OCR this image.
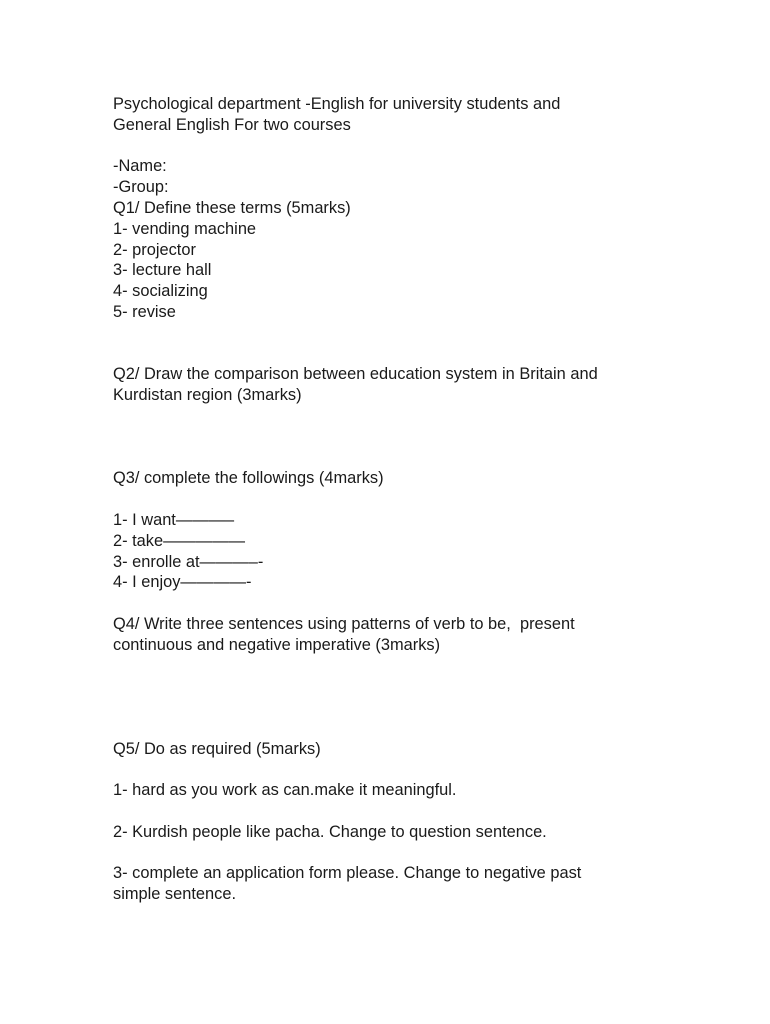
Psychological department -English for university students and
General English For two courses
-Name:
-Group:
Q1/ Define these terms (5marks)
1- vending machine
2- projector
3- lecture hall
4- socializing
5- revise
Q2/ Draw the comparison between education system in Britain and
Kurdistan region (3marks)
Q3/ complete the followings (4marks)
1- I want———–
2- take—————
3- enrolle at———–-
4- I enjoy————-
Q4/ Write three sentences using patterns of verb to be,  present
continuous and negative imperative (3marks)
Q5/ Do as required (5marks)
1- hard as you work as can.make it meaningful.
2- Kurdish people like pacha. Change to question sentence.
3- complete an application form please. Change to negative past
simple sentence.
